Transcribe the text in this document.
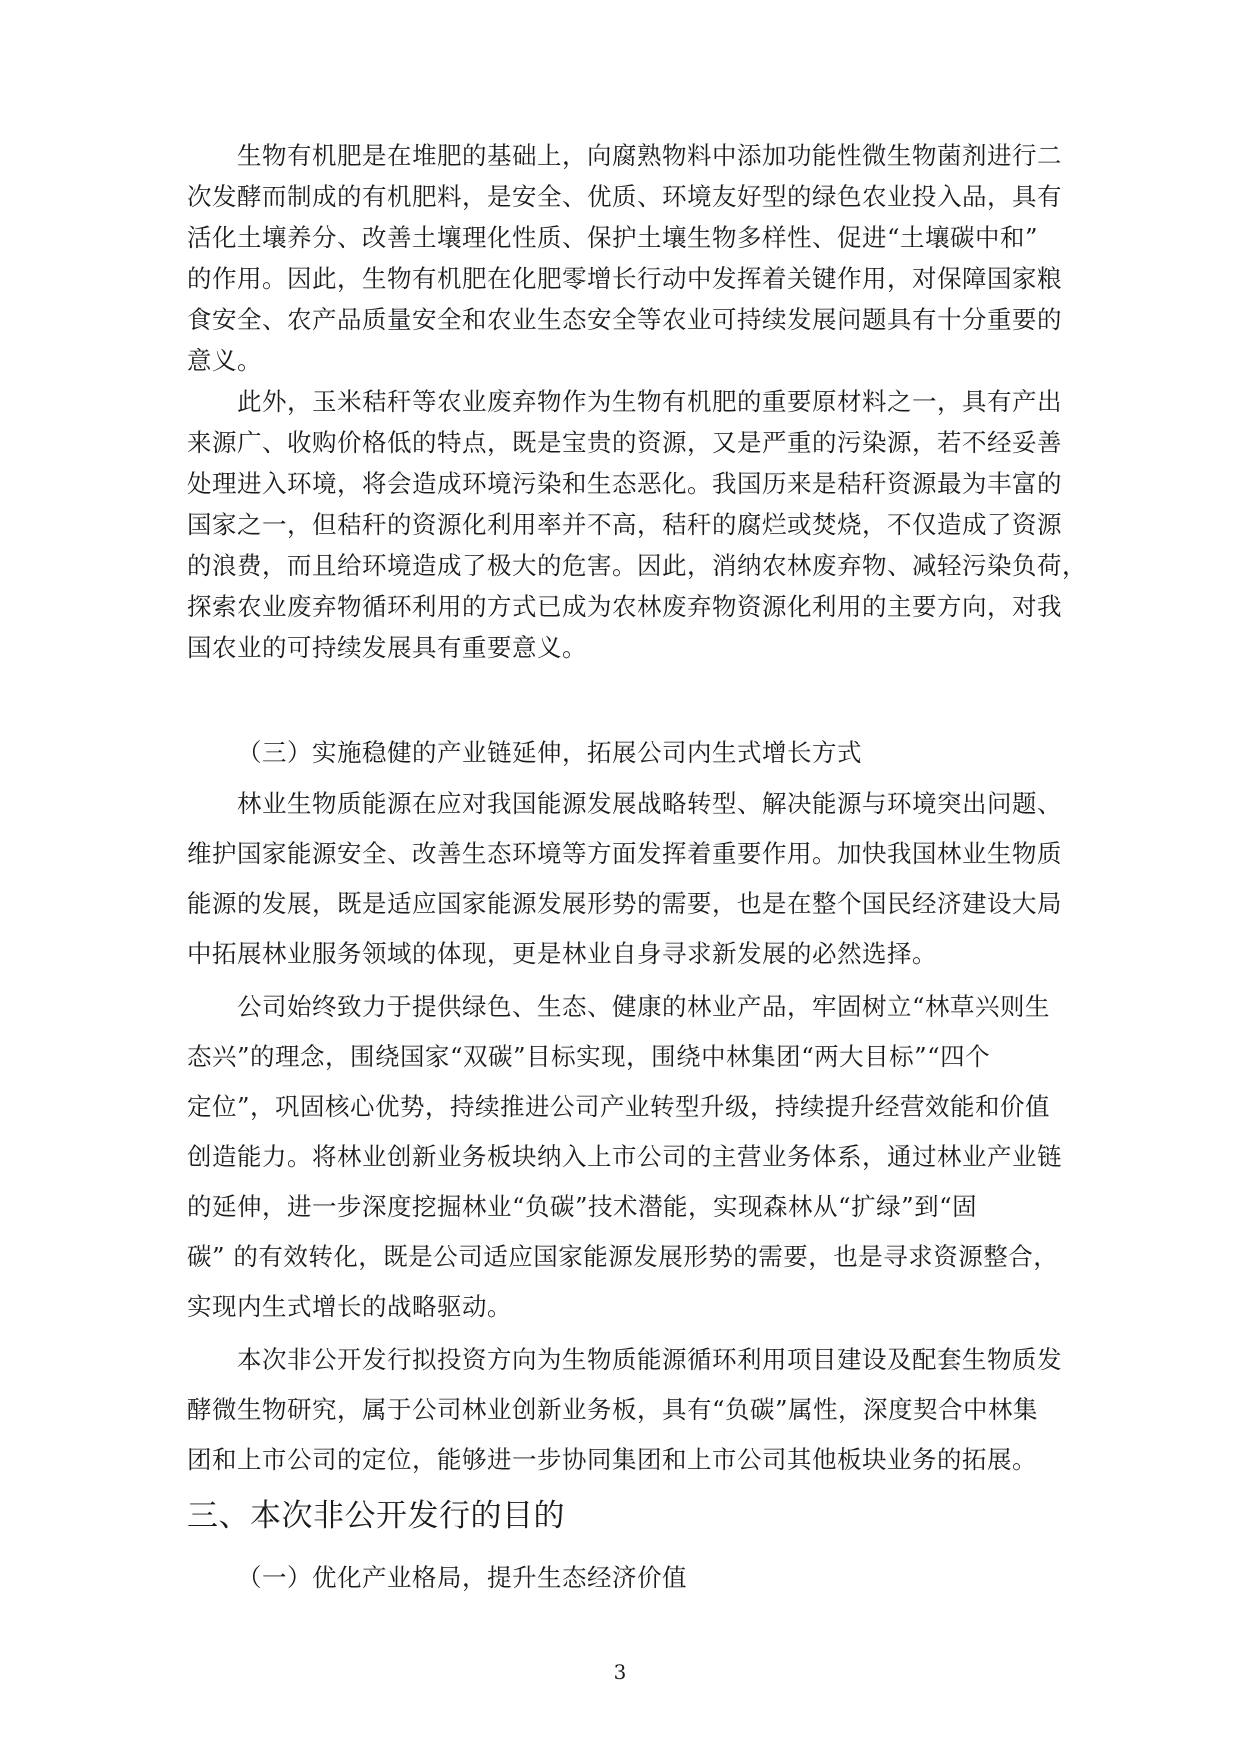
生物有机肥是在堆肥的基础上，向腐熟物料中添加功能性微生物菌剂进行二
次发酵而制成的有机肥料，是安全、优质、环境友好型的绿色农业投入品，具有
活化土壤养分、改善土壤理化性质、保护土壤生物多样性、促进“土壤碳中和”
的作用。因此，生物有机肥在化肥零增长行动中发挥着关键作用，对保障国家粮
食安全、农产品质量安全和农业生态安全等农业可持续发展问题具有十分重要的
意义。
此外，玉米秸秆等农业废弃物作为生物有机肥的重要原材料之一，具有产出
来源广、收购价格低的特点，既是宝贵的资源，又是严重的污染源，若不经妥善
处理进入环境，将会造成环境污染和生态恶化。我国历来是秸秆资源最为丰富的
国家之一，但秸秆的资源化利用率并不高，秸秆的腐烂或焚烧，不仅造成了资源
的浪费，而且给环境造成了极大的危害。因此，消纳农林废弃物、减轻污染负荷，
探索农业废弃物循环利用的方式已成为农林废弃物资源化利用的主要方向，对我
国农业的可持续发展具有重要意义。
（三）实施稳健的产业链延伸，拓展公司内生式增长方式
林业生物质能源在应对我国能源发展战略转型、解决能源与环境突出问题、
维护国家能源安全、改善生态环境等方面发挥着重要作用。加快我国林业生物质
能源的发展，既是适应国家能源发展形势的需要，也是在整个国民经济建设大局
中拓展林业服务领域的体现，更是林业自身寻求新发展的必然选择。
公司始终致力于提供绿色、生态、健康的林业产品，牢固树立“林草兴则生
态兴”的理念，围绕国家“双碳”目标实现，围绕中林集团“两大目标”“四个
定位”，巩固核心优势，持续推进公司产业转型升级，持续提升经营效能和价值
创造能力。将林业创新业务板块纳入上市公司的主营业务体系，通过林业产业链
的延伸，进一步深度挖掘林业“负碳”技术潜能，实现森林从“扩绿”到“固
碳” 的有效转化，既是公司适应国家能源发展形势的需要，也是寻求资源整合，
实现内生式增长的战略驱动。
本次非公开发行拟投资方向为生物质能源循环利用项目建设及配套生物质发
酵微生物研究，属于公司林业创新业务板，具有“负碳”属性，深度契合中林集
团和上市公司的定位，能够进一步协同集团和上市公司其他板块业务的拓展。
三、本次非公开发行的目的
（一）优化产业格局，提升生态经济价值
3
